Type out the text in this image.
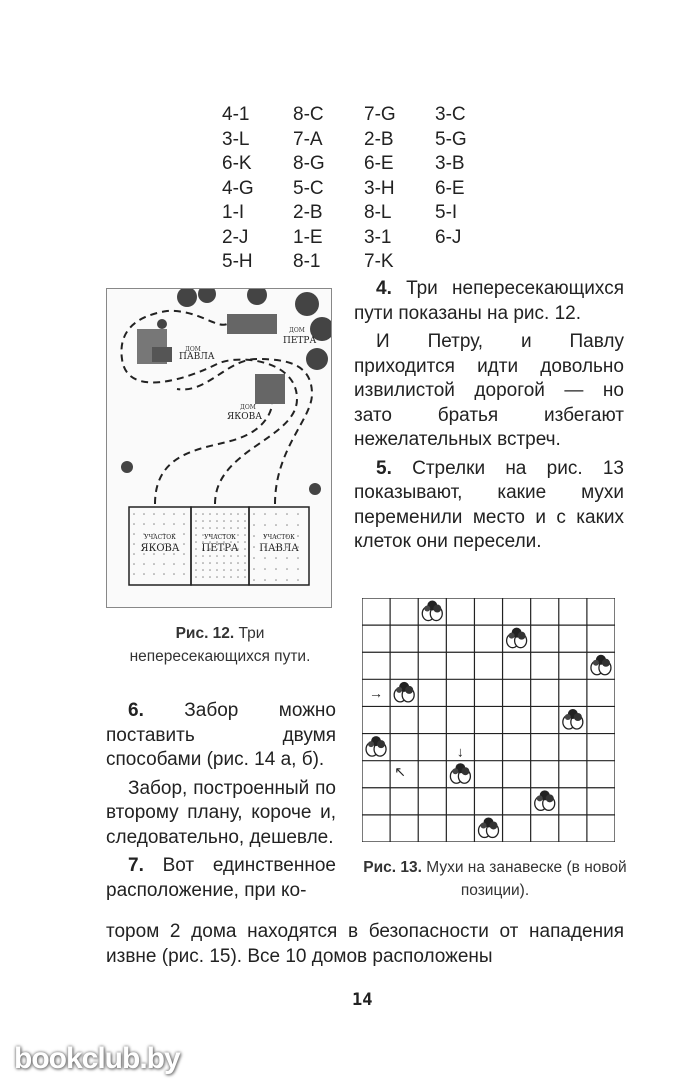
4-1	8-C	7-G	3-C
3-L	7-A	2-B	5-G
6-K	8-G	6-E	3-B
4-G	5-C	3-H	6-E
1-I	2-B	8-L	5-I
2-J	1-E	3-1	6-J
5-H	8-1	7-K
ДОМ
ПАВЛА
ДОМ
ПЕТРА
ДОМ
ЯКОВА
УЧАСТОК
ЯКОВА
УЧАСТОК
ПЕТРА
УЧАСТОК
ПАВЛА

4. Три непересекающихся пути показаны на рис. 12.

И Петру, и Павлу приходится идти довольно извилистой дорогой — но зато братья избегают нежелательных встреч.

5. Стрелки на рис. 13 показывают, какие мухи переменили место и с каких клеток они пересели.

Рис. 12. Три непересекающихся пути.
→
↓
↖
Рис. 13. Мухи на занавеске (в новой позиции).

6. Забор можно поставить двумя способами (рис. 14 а, б).

Забор, построенный по второму плану, короче и, следовательно, дешевле.

7. Вот единственное расположение, при ко-

тором 2 дома находятся в безопасности от нападения извне (рис. 15). Все 10 домов расположены
14
bookclub.by
